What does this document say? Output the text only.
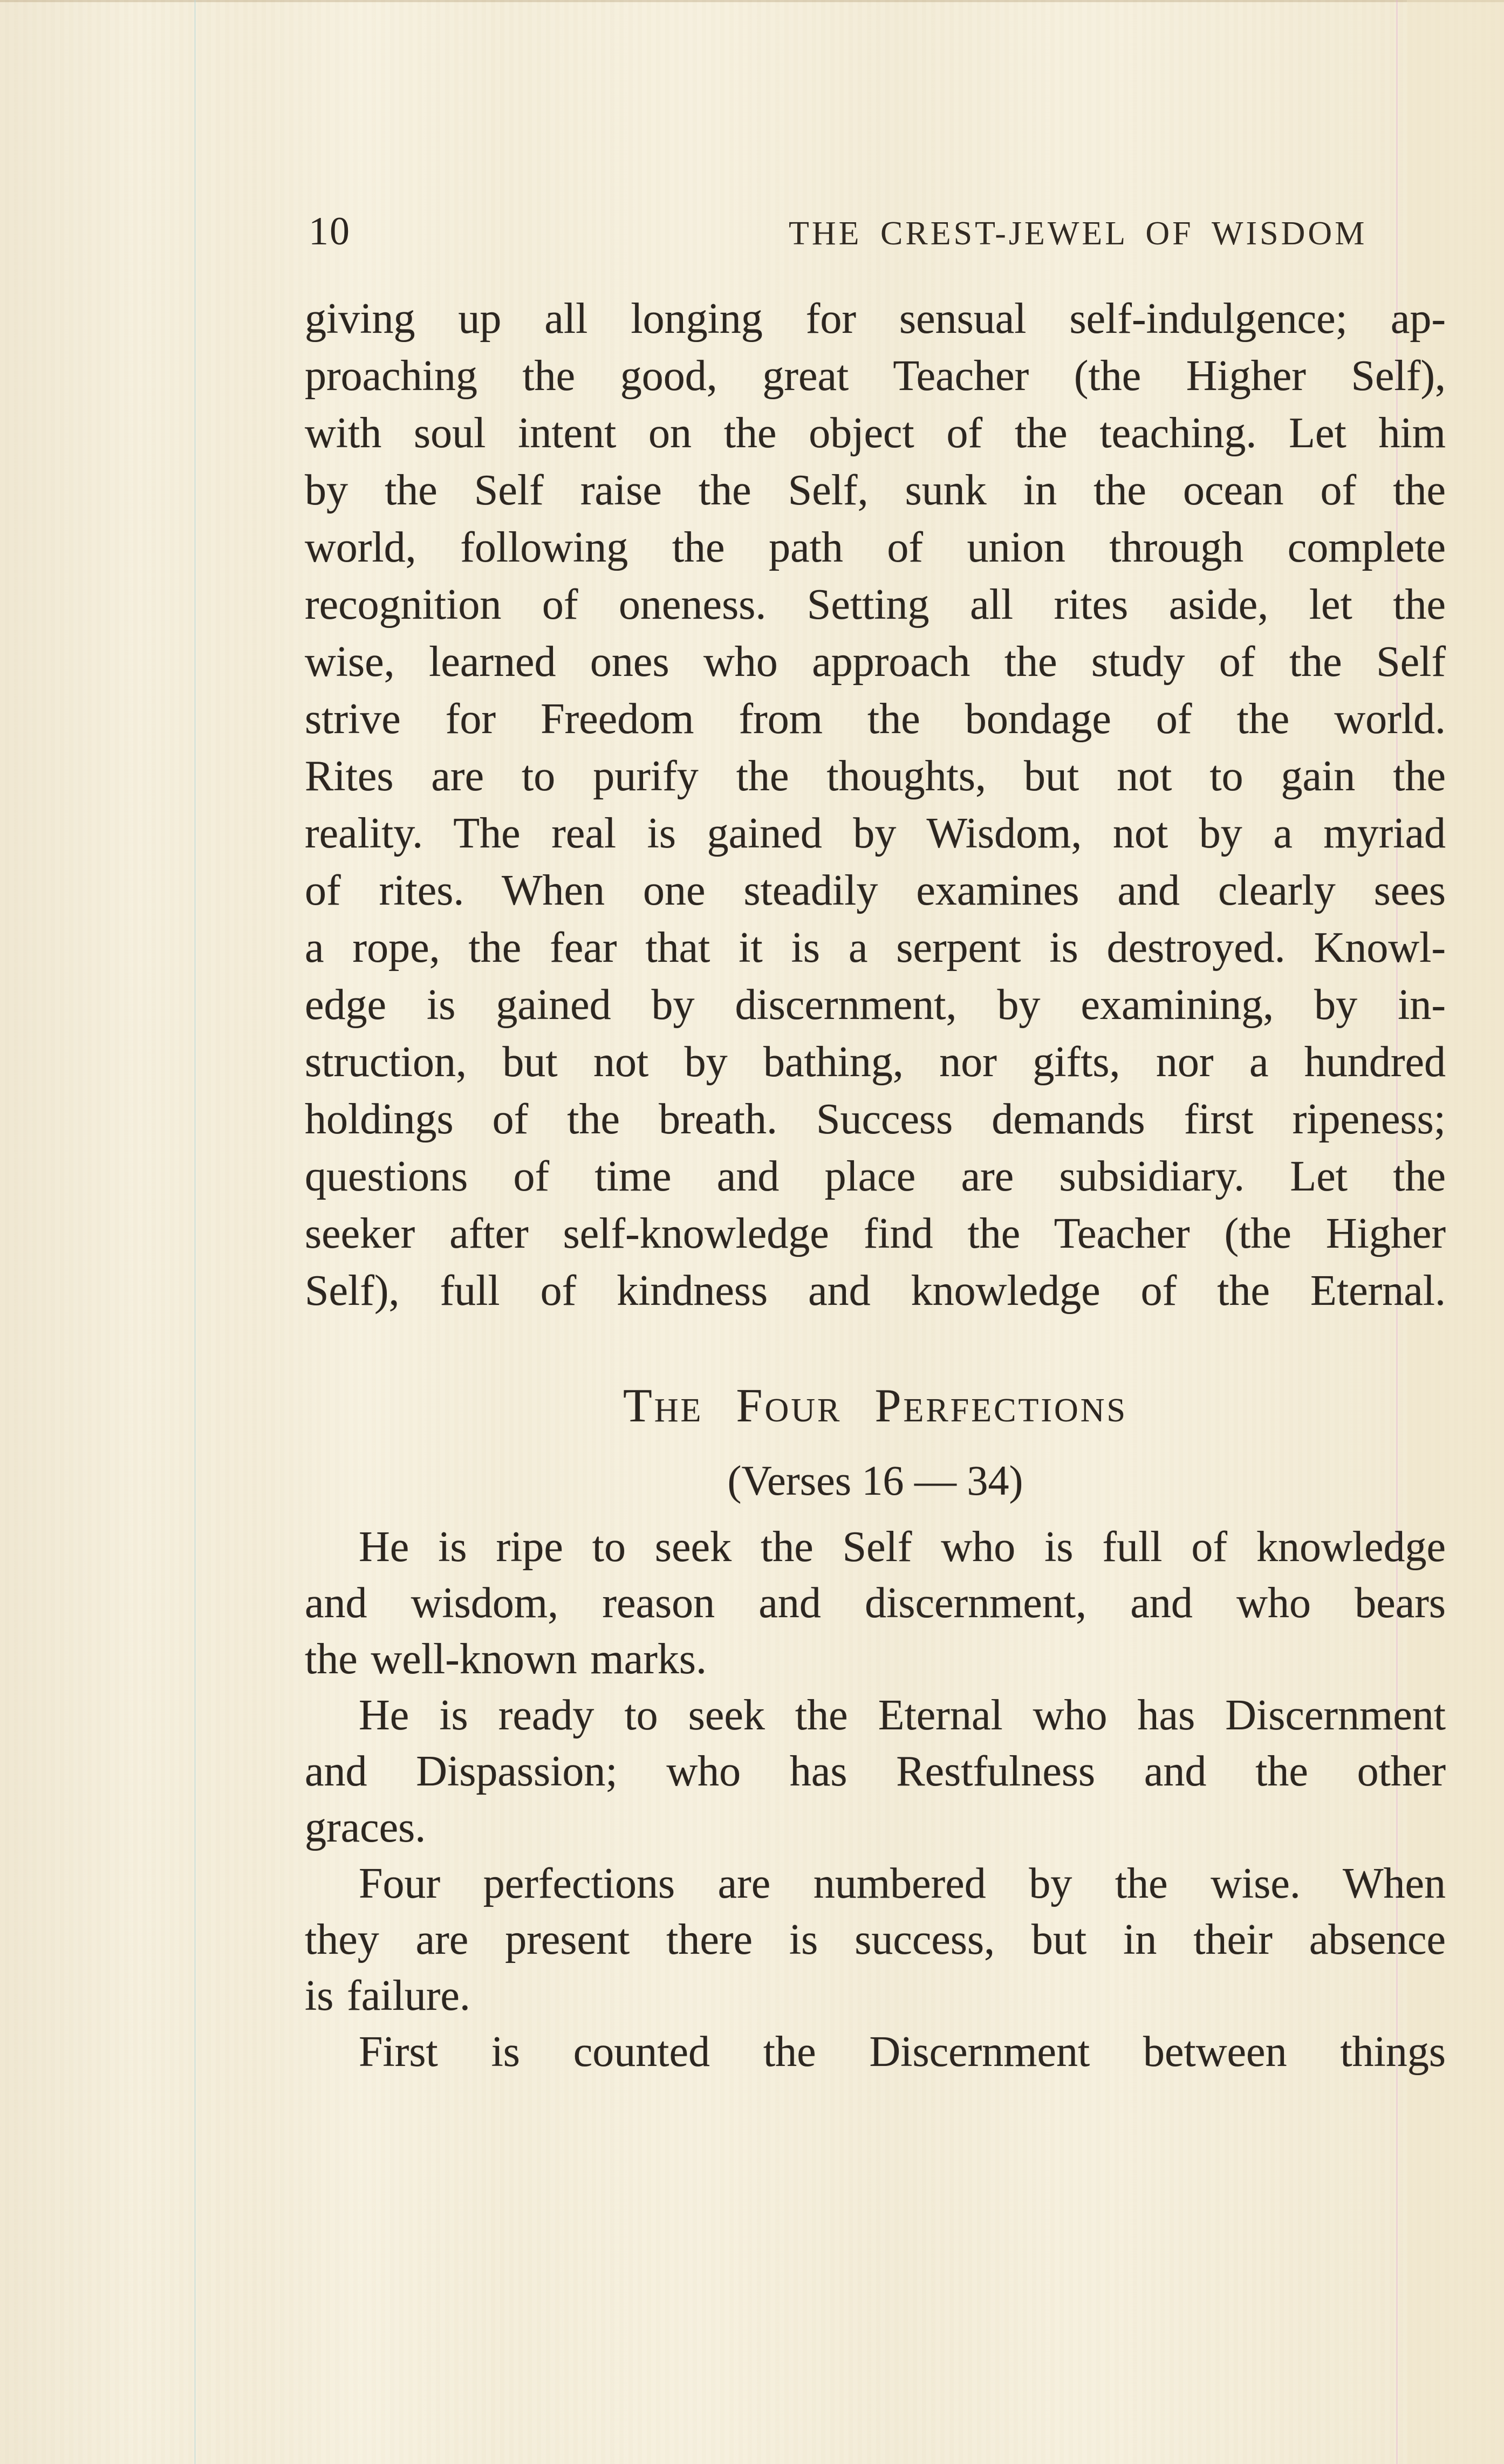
10	THE CREST-JEWEL OF WISDOM
giving up all longing for sensual self-indulgence; ap-
proaching the good, great Teacher (the Higher Self),
with soul intent on the object of the teaching. Let him
by the Self raise the Self, sunk in the ocean of the
world, following the path of union through complete
recognition of oneness. Setting all rites aside, let the
wise, learned ones who approach the study of the Self
strive for Freedom from the bondage of the world.
Rites are to purify the thoughts, but not to gain the
reality. The real is gained by Wisdom, not by a myriad
of rites. When one steadily examines and clearly sees
a rope, the fear that it is a serpent is destroyed. Knowl-
edge is gained by discernment, by examining, by in-
struction, but not by bathing, nor gifts, nor a hundred
holdings of the breath. Success demands first ripeness;
questions of time and place are subsidiary. Let the
seeker after self-knowledge find the Teacher (the Higher
Self), full of kindness and knowledge of the Eternal.
The Four Perfections
(Verses 16 — 34)
He is ripe to seek the Self who is full of knowledge
and wisdom, reason and discernment, and who bears
the well-known marks.
He is ready to seek the Eternal who has Discernment
and Dispassion; who has Restfulness and the other
graces.
Four perfections are numbered by the wise. When
they are present there is success, but in their absence
is failure.
First is counted the Discernment between things
